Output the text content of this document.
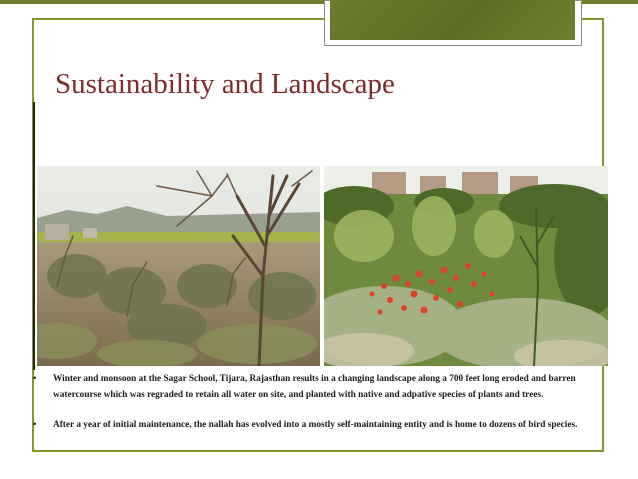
Sustainability and Landscape
• Winter and monsoon at the Sagar School, Tijara, Rajasthan results in a changing landscape along a 700 feet long eroded and barren watercourse which was regraded to retain all water on site, and planted with native and adpative species of plants and trees.
• After a year of initial maintenance, the nallah has evolved into a mostly self-maintaining entity and is home to dozens of bird species.
